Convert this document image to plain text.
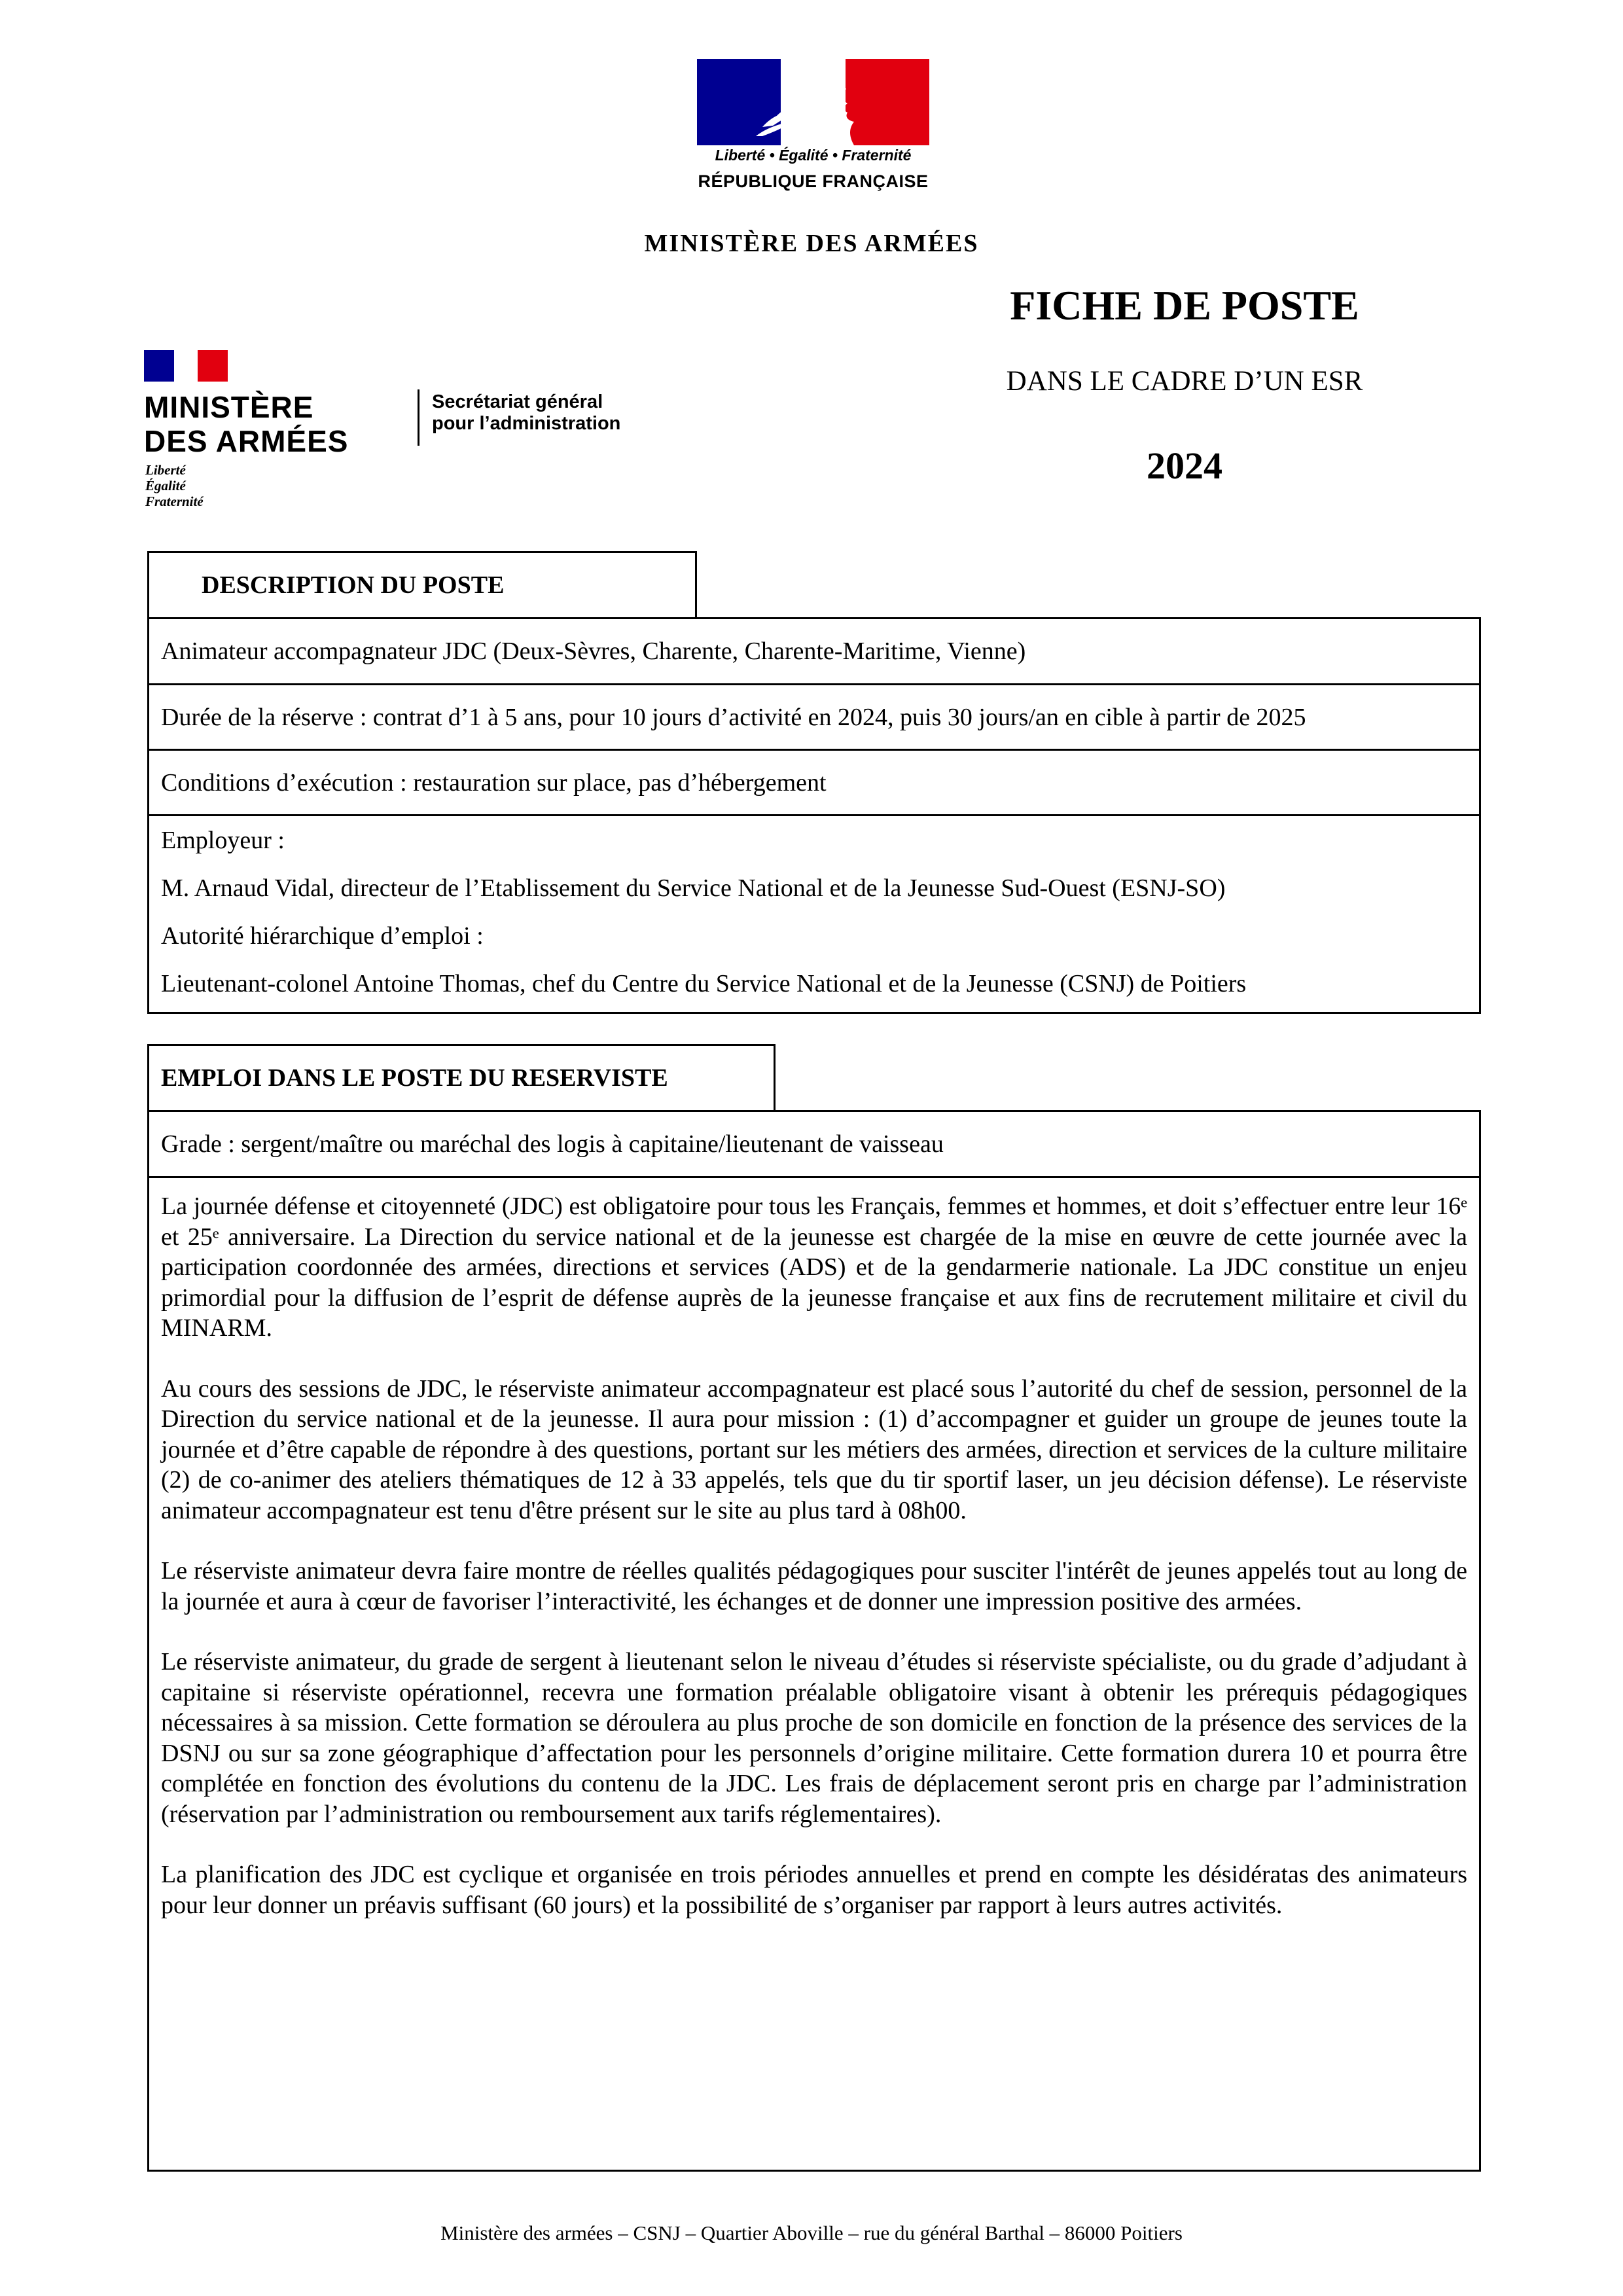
Liberté • Égalité • Fraternité
RÉPUBLIQUE FRANÇAISE
MINISTÈRE DES ARMÉES
MINISTÈRE
DES ARMÉES
Liberté
Égalité
Fraternité
Secrétariat général
pour l’administration
FICHE DE POSTE
DANS LE CADRE D’UN ESR
2024
DESCRIPTION DU POSTE
Animateur accompagnateur JDC (Deux-Sèvres, Charente, Charente-Maritime, Vienne)
Durée de la réserve : contrat d’1 à 5 ans, pour 10 jours d’activité en 2024, puis 30 jours/an en cible à partir de 2025
Conditions d’exécution : restauration sur place, pas d’hébergement
Employeur :
M. Arnaud Vidal, directeur de l’Etablissement du Service National et de la Jeunesse Sud-Ouest (ESNJ-SO)
Autorité hiérarchique d’emploi :
Lieutenant-colonel Antoine Thomas, chef du Centre du Service National et de la Jeunesse (CSNJ) de Poitiers
EMPLOI DANS LE POSTE DU RESERVISTE
Grade : sergent/maître ou maréchal des logis à capitaine/lieutenant de vaisseau

La journée défense et citoyenneté (JDC) est obligatoire pour tous les Français, femmes et hommes, et doit s’effectuer entre leur 16ᵉ et 25ᵉ anniversaire. La Direction du service national et de la jeunesse est chargée de la mise en œuvre de cette journée avec la participation coordonnée des armées, directions et services (ADS) et de la gendarmerie nationale. La JDC constitue un enjeu primordial pour la diffusion de l’esprit de défense auprès de la jeunesse française et aux fins de recrutement militaire et civil du MINARM.

Au cours des sessions de JDC, le réserviste animateur accompagnateur est placé sous l’autorité du chef de session, personnel de la Direction du service national et de la jeunesse. Il aura pour mission : (1) d’accompagner et guider un groupe de jeunes toute la journée et d’être capable de répondre à des questions, portant sur les métiers des armées, direction et services de la culture militaire (2) de co-animer des ateliers thématiques de 12 à 33 appelés, tels que du tir sportif laser, un jeu décision défense). Le réserviste animateur accompagnateur est tenu d'être présent sur le site au plus tard à 08h00.

Le réserviste animateur devra faire montre de réelles qualités pédagogiques pour susciter l'intérêt de jeunes appelés tout au long de la journée et aura à cœur de favoriser l’interactivité, les échanges et de donner une impression positive des armées.

Le réserviste animateur, du grade de sergent à lieutenant selon le niveau d’études si réserviste spécialiste, ou du grade d’adjudant à capitaine si réserviste opérationnel, recevra une formation préalable obligatoire visant à obtenir les prérequis pédagogiques nécessaires à sa mission. Cette formation se déroulera au plus proche de son domicile en fonction de la présence des services de la DSNJ ou sur sa zone géographique d’affectation pour les personnels d’origine militaire. Cette formation durera 10 et pourra être complétée en fonction des évolutions du contenu de la JDC. Les frais de déplacement seront pris en charge par l’administration (réservation par l’administration ou remboursement aux tarifs réglementaires).

La planification des JDC est cyclique et organisée en trois périodes annuelles et prend en compte les désidératas des animateurs pour leur donner un préavis suffisant (60 jours) et la possibilité de s’organiser par rapport à leurs autres activités.

Ministère des armées – CSNJ – Quartier Aboville – rue du général Barthal – 86000 Poitiers
